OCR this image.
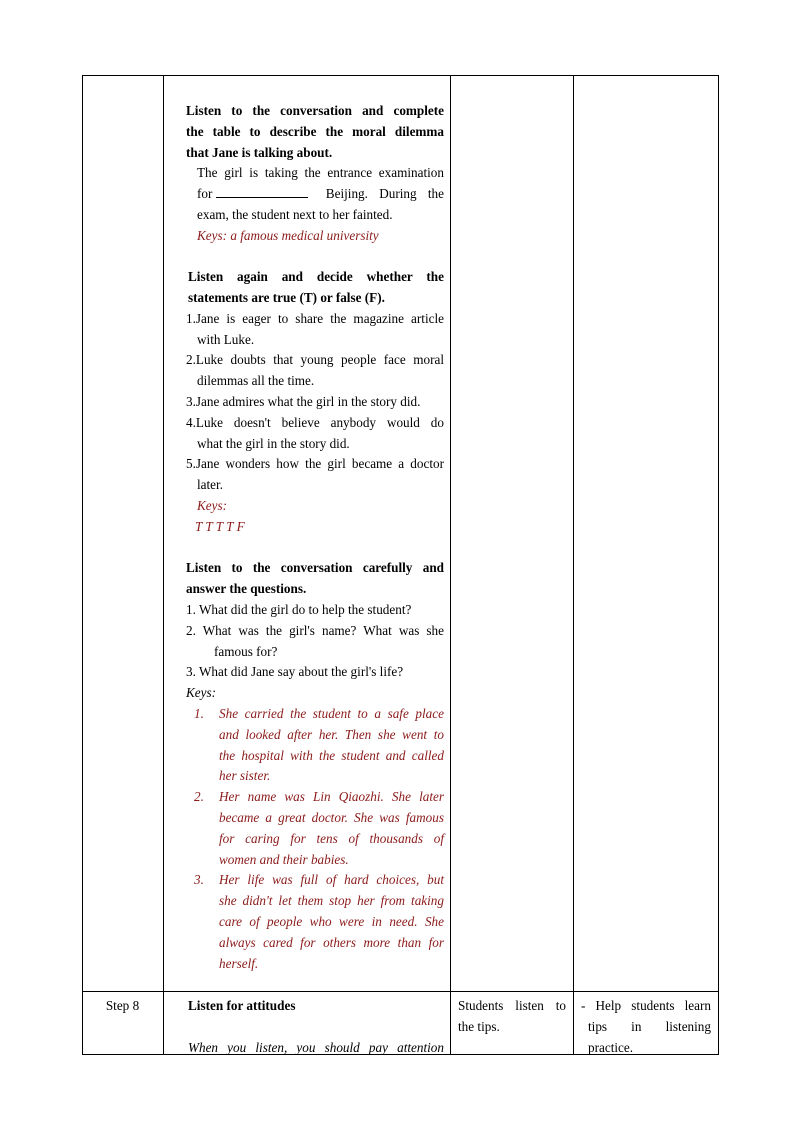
Listen to the conversation and complete
the table to describe the moral dilemma
that Jane is talking about.
The girl is taking the entrance examination
for	Beijing. During the
exam, the student next to her fainted.
Keys: a famous medical university
Listen again and decide whether the
statements are true (T) or false (F).
1.Jane is eager to share the magazine article
with Luke.
2.Luke doubts that young people face moral
dilemmas all the time.
3.Jane admires what the girl in the story did.
4.Luke doesn't believe anybody would do
what the girl in the story did.
5.Jane wonders how the girl became a doctor
later.
Keys:
T T T T F
Listen to the conversation carefully and
answer the questions.
1. What did the girl do to help the student?
2. What was the girl's name? What was she
famous for?
3. What did Jane say about the girl's life?
Keys:
1. She carried the student to a safe place
and looked after her. Then she went to
the hospital with the student and called
her sister.
2. Her name was Lin Qiaozhi. She later
became a great doctor. She was famous
for caring for tens of thousands of
women and their babies.
3. Her life was full of hard choices, but
she didn't let them stop her from taking
care of people who were in need. She
always cared for others more than for
herself.
Step 8	Listen for attitudes
When you listen, you should pay attention
Students listen to
the tips.
- Help students learn
tips in listening
practice.
